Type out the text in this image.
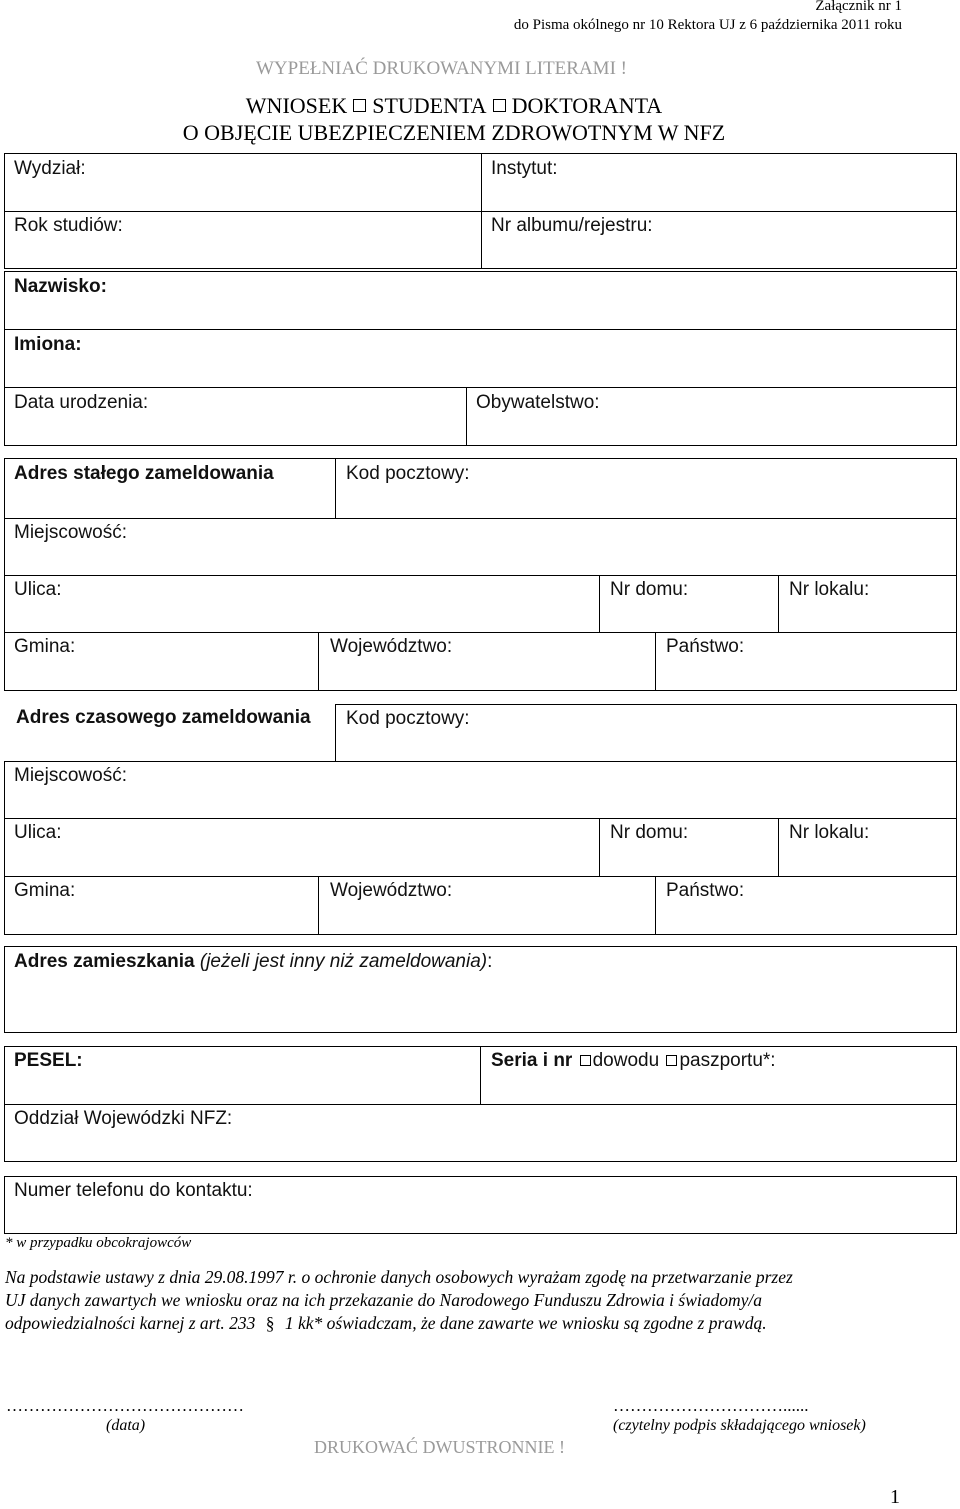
Załącznik nr 1
do Pisma okólnego nr 10 Rektora UJ z 6 października 2011 roku
WYPEŁNIAĆ DRUKOWANYMI LITERAMI !
WNIOSEK STUDENTA DOKTORANTA
O OBJĘCIE UBEZPIECZENIEM ZDROWOTNYM W NFZ
Wydział:	Instytut:
Rok studiów:	Nr albumu/rejestru:
Nazwisko:
Imiona:
Data urodzenia:	Obywatelstwo:
Adres stałego zameldowania	Kod pocztowy:
Miejscowość:
Ulica:	Nr domu:	Nr lokalu:
Gmina:	Województwo:	Państwo:
Adres czasowego zameldowania Kod pocztowy:
Miejscowość:
Ulica:	Nr domu:	Nr lokalu:
Gmina:	Województwo:	Państwo:
Adres zamieszkania (jeżeli jest inny niż zameldowania):
PESEL:	Seria i nr dowodu paszportu*:
Oddział Wojewódzki NFZ:
Numer telefonu do kontaktu:
* w przypadku obcokrajowców
Na podstawie ustawy z dnia 29.08.1997 r. o ochronie danych osobowych wyrażam zgodę na przetwarzanie przez
UJ danych zawartych we wniosku oraz na ich przekazanie do Narodowego Funduszu Zdrowia i świadomy/a
odpowiedzialności karnej z art. 233 § 1 kk* oświadczam, że dane zawarte we wniosku są zgodne z prawdą.
……………………………………
(data)
…………………………......
(czytelny podpis składającego wniosek)
DRUKOWAĆ DWUSTRONNIE !
1
